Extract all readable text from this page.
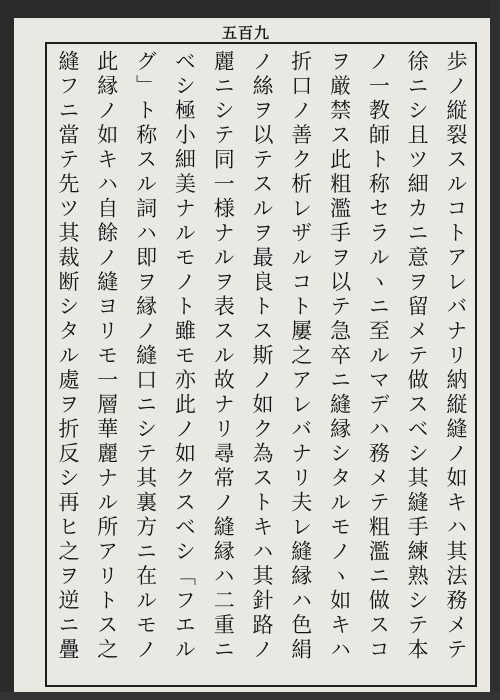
五百九
歩ノ縦裂スルコトアレバナリ納縦縫ノ如キハ其法務メテ
徐ニシ且ツ細カニ意ヲ留メテ做スベシ其縫手練熟シテ本
ノ一教師ト称セラルヽニ至ルマデハ務メテ粗濫ニ做スコ
ヲ厳禁ス此粗濫手ヲ以テ急卒ニ縫縁シタルモノヽ如キハ
折口ノ善ク析レザルコト屢之アレバナリ夫レ縫縁ハ色絹
ノ絲ヲ以テスルヲ最良トス斯ノ如ク為ストキハ其針路ノ
麗ニシテ同一様ナルヲ表スル故ナリ尋常ノ縫縁ハ二重ニ
ベシ極小細美ナルモノト雖モ亦此ノ如クスベシ「フエル
グ」ト称スル詞ハ即ヲ縁ノ縫口ニシテ其裏方ニ在ルモノ
此縁ノ如キハ自餘ノ縫ヨリモ一層華麗ナル所アリトス之
縫フニ當テ先ツ其裁断シタル處ヲ折反シ再ヒ之ヲ逆ニ疊
